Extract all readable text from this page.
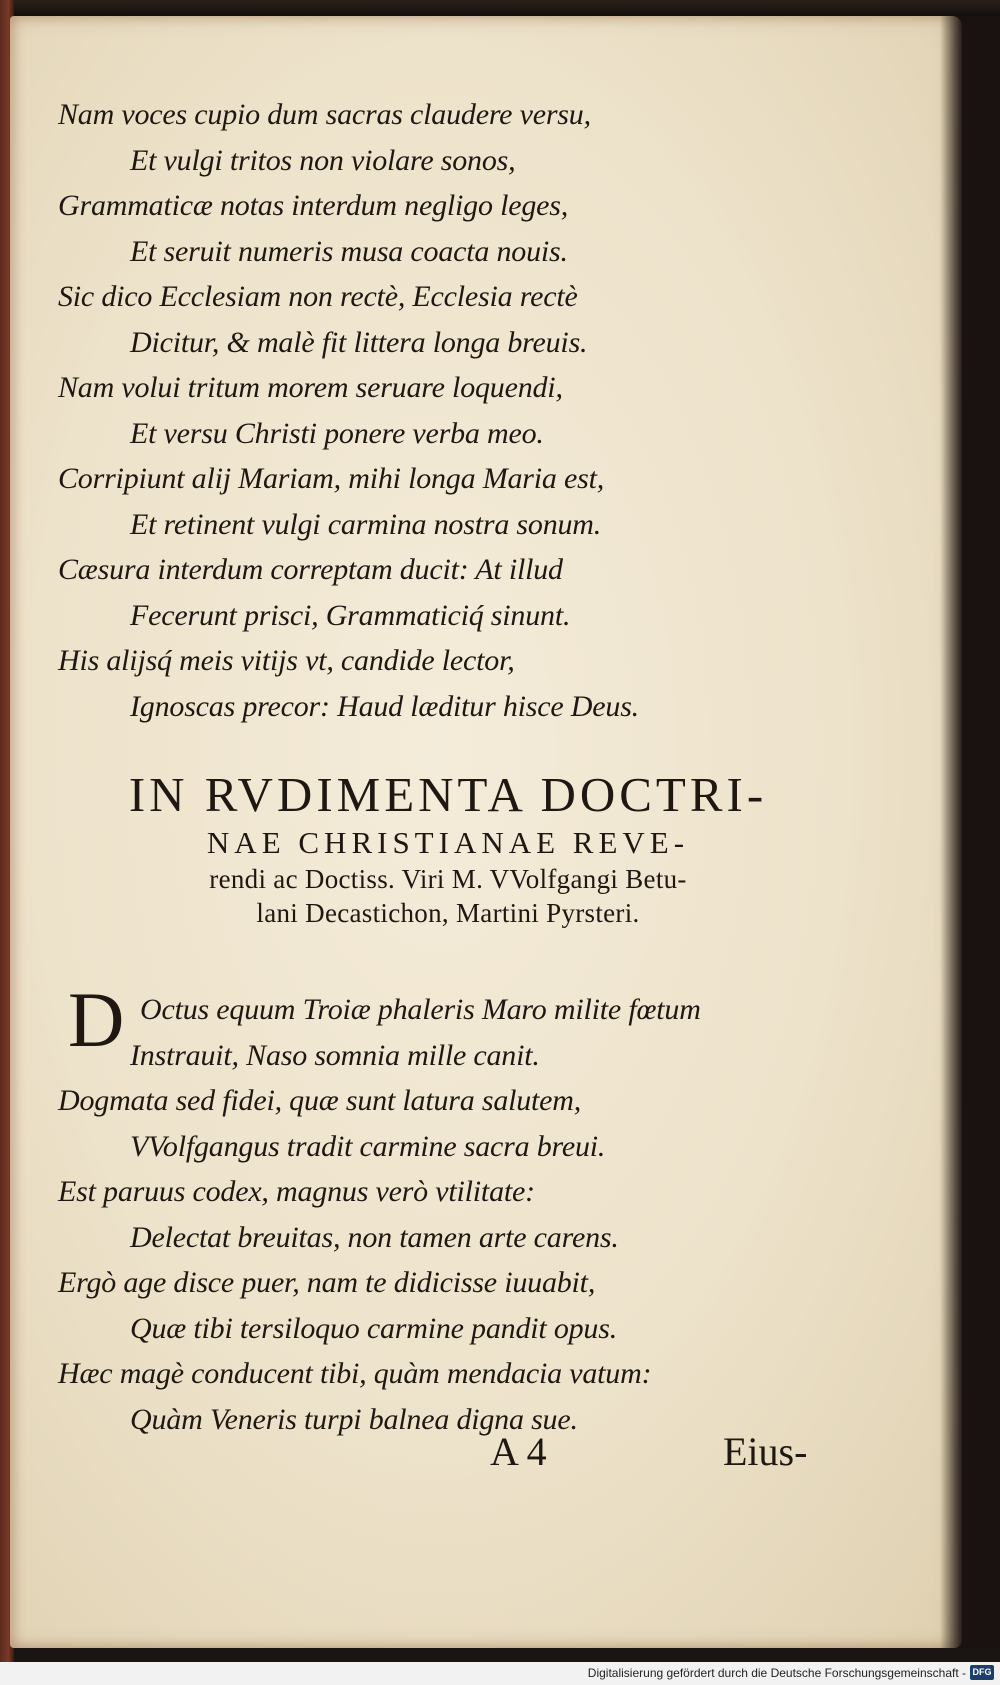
Nam voces cupio dum sacras claudere versu,
Et vulgi tritos non violare sonos,
Grammaticæ notas interdum negligo leges,
Et seruit numeris musa coacta nouis.
Sic dico Ecclesiam non rectè, Ecclesia rectè
Dicitur, & malè fit littera longa breuis.
Nam volui tritum morem seruare loquendi,
Et versu Christi ponere verba meo.
Corripiunt alij Mariam, mihi longa Maria est,
Et retinent vulgi carmina nostra sonum.
Cæsura interdum correptam ducit: At illud
Fecerunt prisci, Grammaticiq́ sinunt.
His alijsq́ meis vitijs vt, candide lector,
Ignoscas precor: Haud læditur hisce Deus.
IN RVDIMENTA DOCTRI-
NAE CHRISTIANAE REVE-
rendi ac Doctiss. Viri M. VVolfgangi Betu-
lani Decastichon, Martini Pyrsteri.
D Octus equum Troiæ phaleris Maro milite fœtum
Instrauit, Naso somnia mille canit.
Dogmata sed fidei, quæ sunt latura salutem,
VVolfgangus tradit carmine sacra breui.
Est paruus codex, magnus verò vtilitate:
Delectat breuitas, non tamen arte carens.
Ergò age disce puer, nam te didicisse iuuabit,
Quæ tibi tersiloquo carmine pandit opus.
Hæc magè conducent tibi, quàm mendacia vatum:
Quàm Veneris turpi balnea digna sue.
A 4	Eius-
Digitalisierung gefördert durch die Deutsche Forschungsgemeinschaft - DFG
